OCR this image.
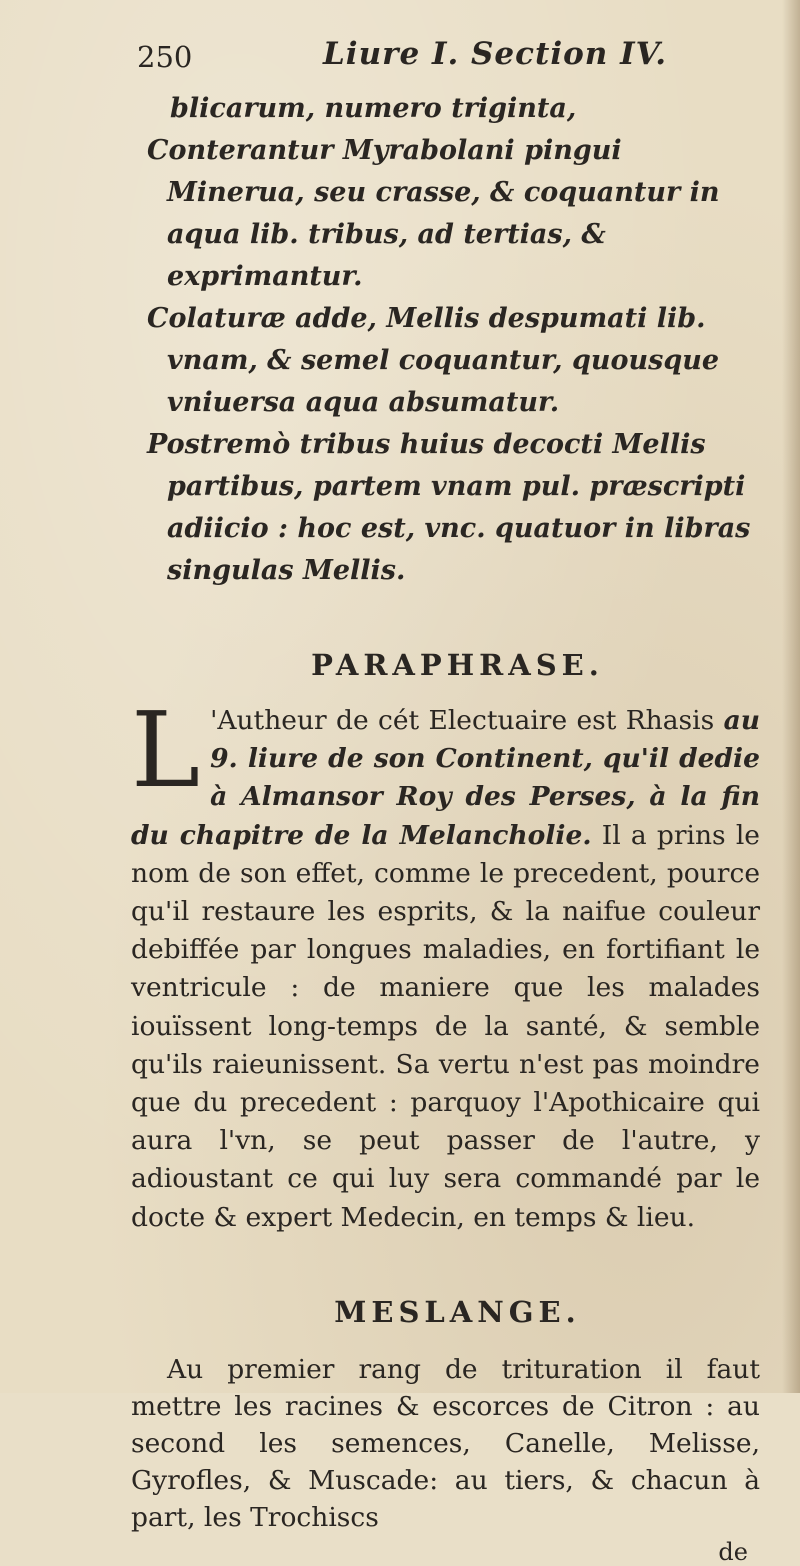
250	Liure I. Section IV.

blicarum, numero triginta,

Conterantur Myrabolani pingui Minerua, seu crasse, & coquantur in aqua lib. tribus, ad tertias, & exprimantur.

Colaturæ adde, Mellis despumati lib. vnam, & semel coquantur, quousque vniuersa aqua absumatur.

Postremò tribus huius decocti Mellis partibus, partem vnam pul. præscripti adiicio : hoc est, vnc. quatuor in libras singulas Mellis.

PARAPHRASE.

L 'Autheur de cét Electuaire est Rhasis au 9. liure de son Continent, qu'il dedie à Almansor Roy des Perses, à la fin du chapitre de la Melancholie. Il a prins le nom de son effet, comme le precedent, pource qu'il restaure les esprits, & la naifue couleur debiffée par longues maladies, en fortifiant le ventricule : de maniere que les malades iouïssent long-temps de la santé, & semble qu'ils raieunissent. Sa vertu n'est pas moindre que du precedent : parquoy l'Apothicaire qui aura l'vn, se peut passer de l'autre, y adioustant ce qui luy sera commandé par le docte & expert Medecin, en temps & lieu.

MESLANGE.

Au premier rang de trituration il faut mettre les racines & escorces de Citron : au second les semences, Canelle, Melisse, Gyrofles, & Muscade: au tiers, & chacun à part, les Trochiscs

de
